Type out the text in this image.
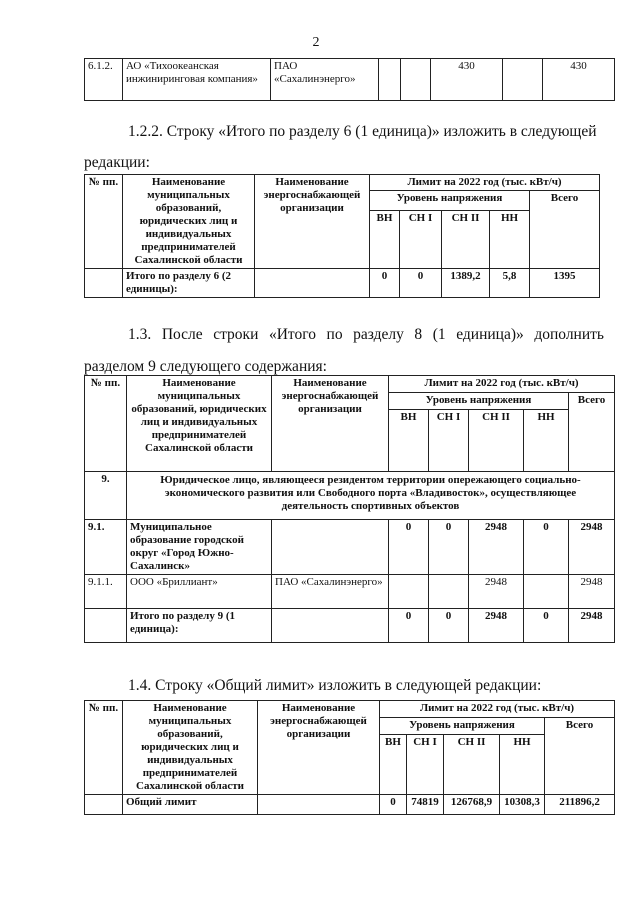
2
6.1.2.	АО «Тихоокеанская инжиниринговая компания»	ПАО «Сахалинэнерго»			430		430
1.2.2. Строку «Итого по разделу 6 (1 единица)» изложить в следующей
редакции:
№ пп.	Наименование муниципальных образований, юридических лиц и индивидуальных предпринимателей Сахалинской области	Наименование энергоснабжающей организации	Лимит на 2022 год (тыс. кВт/ч)				
			Уровень напряжения				Всего
			ВН	СН I	СН II	НН	
	Итого по разделу 6 (2 единицы):		0	0	1389,2	5,8	1395
1.3. После строки «Итого по разделу 8 (1 единица)» дополнить
разделом 9 следующего содержания:
№ пп.	Наименование муниципальных образований, юридических лиц и индивидуальных предпринимателей Сахалинской области	Наименование энергоснабжающей организации	Лимит на 2022 год (тыс. кВт/ч)				
			Уровень напряжения				Всего
			ВН	СН I	СН II	НН	
9.	Юридическое лицо, являющееся резидентом территории опережающего социально-экономического развития или Свободного порта «Владивосток», осуществляющее деятельность спортивных объектов						
9.1.	Муниципальное образование городской округ «Город Южно-Сахалинск»		0	0	2948	0	2948
9.1.1.	ООО «Бриллиант»	ПАО «Сахалинэнерго»			2948		2948
	Итого по разделу 9 (1 единица):		0	0	2948	0	2948
1.4. Строку «Общий лимит» изложить в следующей редакции:
№ пп.	Наименование муниципальных образований, юридических лиц и индивидуальных предпринимателей Сахалинской области	Наименование энергоснабжающей организации	Лимит на 2022 год (тыс. кВт/ч)				
			Уровень напряжения				Всего
			ВН	СН I	СН II	НН	
	Общий лимит		0	74819	126768,9	10308,3	211896,2
